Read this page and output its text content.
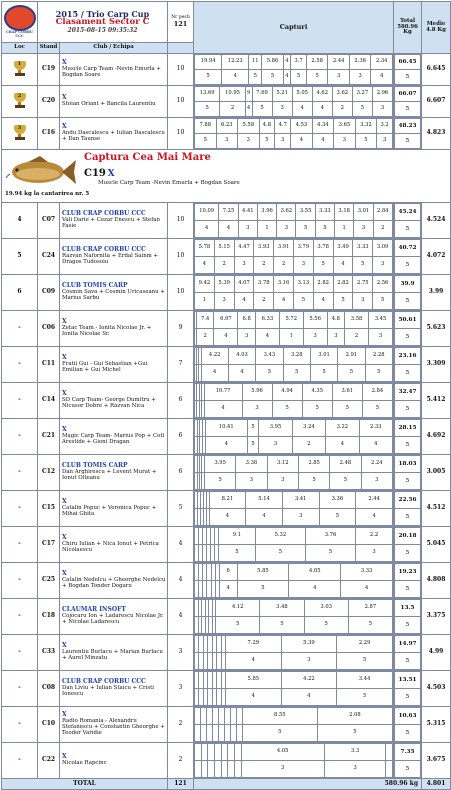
CRAP CORBU CCC

2015 / Trio Carp Cup
Clasament Sector C
2015-08-15 09:35:32

Nr pesti
121	Capturi	
Total
580.96
Kg

Medie
4.8 Kg

Loc	Stand	Club / Echipa	

1
	C19	
X
Muscle Carp Team -Nevin Emurla + Bogdan Soare	10	
19.94	12.23	11	5.86	4	3.7	2.58	2.44	2.36	2.34
5	4	5	5	4	5	5	3	3	4

66.45
5
	6.645

2
	C20	X
Stoian Oriant + Bancila Laurentiu	10	
13.69	10.95	9	7.69	5.21	5.05	4.62	3.62	3.27	2.96
5	2	4	5	3	4	4	2	5	3

66.07
5
	6.607

3
	C16	
X
Andu Dascalescu + Iulian Dascalescu + Dan Taunse	10	
7.88	6.23	5.58	4.8	4.7	4.53	4.34	3.65	3.32	3.2
5	3	3	5	3	4	4	3	5	3

48.23
5
	4.823

Captura Cea Mai Mare
C19 X
Muscle Carp Team -Nevin Emurla + Bogdan Soare
19.94 kg la cantarirea nr. 5

4	C07	
CLUB CRAP CORBU CCC
Vali Darie + Cezar Enescu + Stefan Fasie	10	
10.09	7.25	4.41	3.96	3.62	3.55	3.33	3.18	3.01	2.84
4	4	3	1	3	5	5	1	3	2

45.24
5
	4.524
5	C24	
CLUB CRAP CORBU CCC
Razvan Nafornita + Erdal Sainm + Dragos Tudosoiu	10	
5.78	5.15	4.47	3.93	3.91	3.79	3.78	3.49	3.33	3.09
4	2	3	2	2	3	5	4	5	3

40.72
5
	4.072
6	C09	
CLUB TOMIS CARP
Cosmin Sava + Cosmin Uricaseanu + Marius Sarbu	10	
9.42	5.39	4.07	3.78	3.16	3.13	2.82	2.82	2.75	2.56
1	3	4	2	4	5	4	5	3	5

39.9
5
	3.99
-	C06	
X
Zetac Team - Ionita Nicolae Jr. + Ionita Nicolae Sr.	9	
	7.4	6.97	6.8	6.33	5.72	5.56	4.8	3.58	3.45
	2	4	3	4	1	3	3	2	3

50.61
5
	5.623
-	C11	
X
Fratii Gui - Gui Sebastian +Gui Emilian + Gui Michel	7	
			4.22	4.03	3.43	3.28	3.01	2.91	2.28
			4	4	5	5	5	5	5

23.16
5
	3.309
-	C14	
X
SD Carp Team- George Dumitru + Nicusor Dobre + Razvan Nica	6	
				10.77	5.96	4.94	4.35	3.61	2.84
				4	3	5	5	5	5

32.47
5
	5.412
-	C21	
X
Magic Carp Team- Marius Pop + Coti Arestide + Gioni Dragan	6	
				10.41	5	3.95	3.24	3.22	2.33
				4	5	3	2	4	4

28.15
5
	4.692
-	C12	
CLUB TOMIS CARP
Dan Arghirescu + Levent Murat + Ionut Olteanu	6	
				3.95	3.38	3.12	2.85	2.48	2.24
				5	3	3	5	5	3

18.03
5
	3.005
-	C15	
X
Catalin Popuc + Veronica Popuc + Mihai Ghita	5	
					8.21	5.14	3.41	3.36	2.44
					4	4	3	5	4

22.56
5
	4.512
-	C17	
X
Chiru Iulian + Nica Ionut + Petrica Nicolaescu	4	
						9.1	5.32	3.76	2.2
						5	5	5	3

20.18
5
	5.045
-	C25	
X
Catalin Nedelcu + Gheorghe Nedelcu + Bogdan Tonder Dogaru	4	
						6	5.85	4.05	3.33
						4	5	4	4

19.23
5
	4.808
-	C18	
CLAUMAR INSOFT
Cojocaru Ion + Ladarescu Nicolae Jr. + Nicolae Ladarescu	4	
						4.12	3.48	3.03	2.87
						5	5	5	5

13.5
5
	3.375
-	C33	
X
Laurentiu Burlacu + Marian Burlacu + Aurel Minzatu	3	
							7.29	5.39	2.29
							4	3	5

14.97
5
	4.99
-	C08	
CLUB CRAP CORBU CCC
Dan Liviu + Iulian Staicu + Cristi Ionescu	3	
							5.85	4.22	3.44
							4	4	5

13.51
5
	4.503
-	C10	
X
Radio Romania - Alexandru Stefanescu + Constantin Gheorghe + Teodor Varidie	2	
								8.55	2.08
								5	5

10.63
5
	5.315
-	C22	X
Nicolae Rapcinc	2	
							4.05	3.3	
							3	3	

7.35
5
	3.675
TOTAL	121	580.96 kg	4.801
